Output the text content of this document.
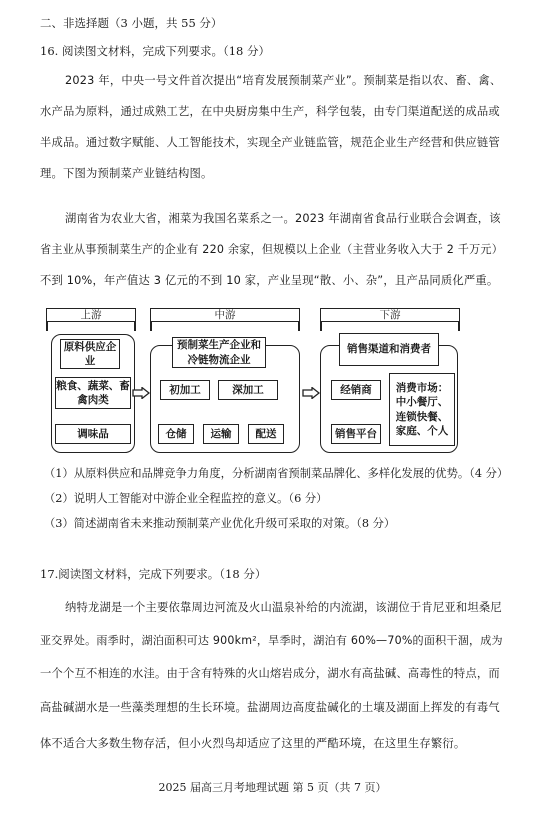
二、非选择题（3 小题，共 55 分）
16. 阅读图文材料，完成下列要求。（18 分）
2023 年，中央一号文件首次提出“培育发展预制菜产业”。预制菜是指以农、畜、禽、
水产品为原料，通过成熟工艺，在中央厨房集中生产，科学包装，由专门渠道配送的成品或
半成品。通过数字赋能、人工智能技术，实现全产业链监管，规范企业生产经营和供应链管
理。下图为预制菜产业链结构图。
湖南省为农业大省，湘菜为我国名菜系之一。2023 年湖南省食品行业联合会调查，该
省主业从事预制菜生产的企业有 220 余家，但规模以上企业（主营业务收入大于 2 千万元）
不到 10%，年产值达 3 亿元的不到 10 家，产业呈现“散、小、杂”，且产品同质化严重。
上游	中游	下游
原料供应企业
粮食、蔬菜、畜禽肉类
调味品
预制菜生产企业和冷链物流企业
初加工	深加工
仓储	运输	配送
销售渠道和消费者
经销商
销售平台
消费市场：中小餐厅、连锁快餐、家庭、个人
（1）从原料供应和品牌竞争力角度，分析湖南省预制菜品牌化、多样化发展的优势。（4 分）
（2）说明人工智能对中游企业全程监控的意义。（6 分）
（3）简述湖南省未来推动预制菜产业优化升级可采取的对策。（8 分）
17.阅读图文材料，完成下列要求。（18 分）
纳特龙湖是一个主要依靠周边河流及火山温泉补给的内流湖，该湖位于肯尼亚和坦桑尼
亚交界处。雨季时，湖泊面积可达 900km²，旱季时，湖泊有 60%—70%的面积干涸，成为
一个个互不相连的水洼。由于含有特殊的火山熔岩成分，湖水有高盐碱、高毒性的特点，而
高盐碱湖水是一些藻类理想的生长环境。盐湖周边高度盐碱化的土壤及湖面上挥发的有毒气
体不适合大多数生物存活，但小火烈鸟却适应了这里的严酷环境，在这里生存繁衍。
2025 届高三月考地理试题 第 5 页（共 7 页）
